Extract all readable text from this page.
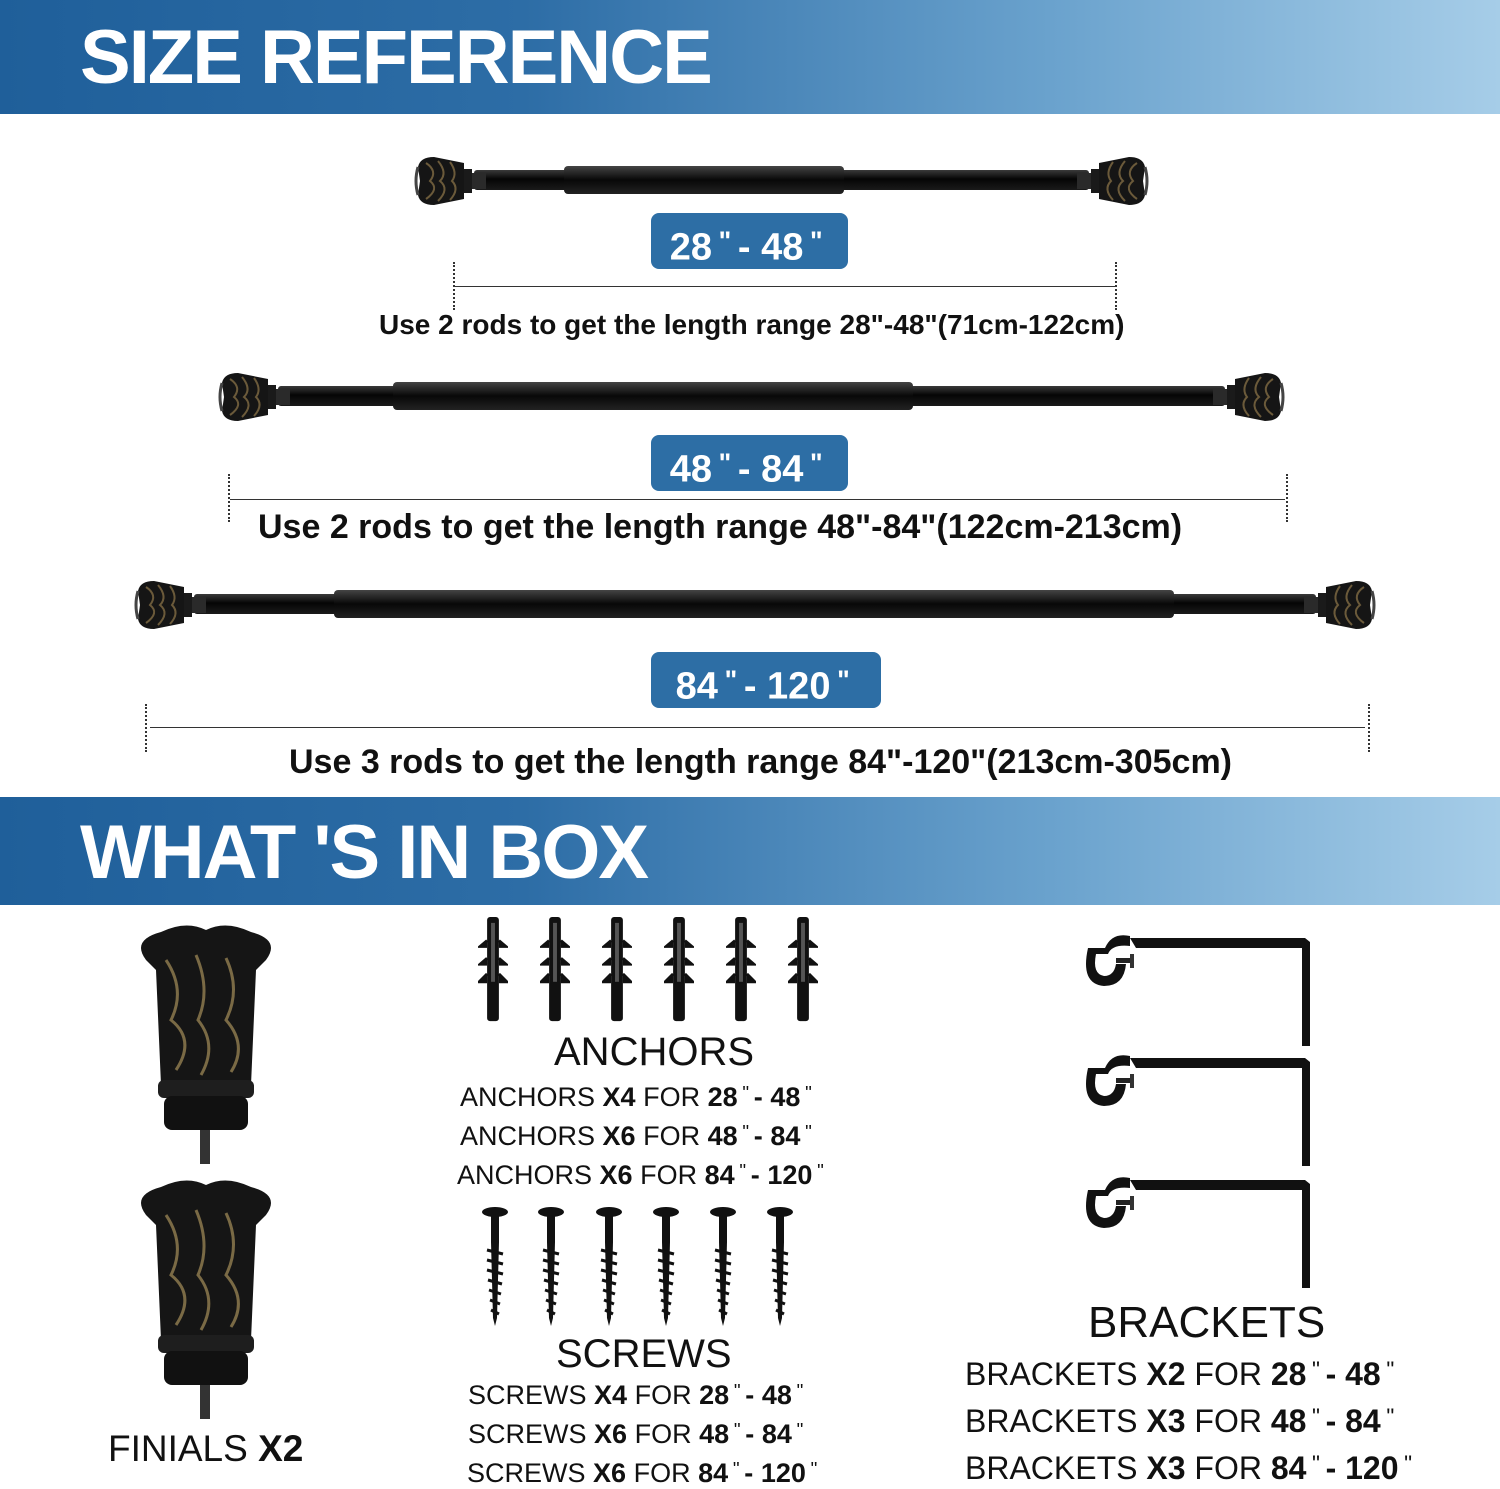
SIZE REFERENCE
28 " - 48 "
Use 2 rods to get the length range 28"-48"(71cm-122cm)
48 " - 84 "
Use 2 rods to get the length range 48"-84"(122cm-213cm)
84 " - 120 "
Use 3 rods to get the length range 84"-120"(213cm-305cm)
WHAT 'S IN BOX
FINIALS X2
ANCHORS
ANCHORS X4 FOR 28 " - 48 "
ANCHORS X6 FOR 48 " - 84 "
ANCHORS X6 FOR 84 " - 120 "
SCREWS
SCREWS X4 FOR 28 " - 48 "
SCREWS X6 FOR 48 " - 84 "
SCREWS X6 FOR 84 " - 120 "
BRACKETS
BRACKETS X2 FOR 28 " - 48 "
BRACKETS X3 FOR 48 " - 84 "
BRACKETS X3 FOR 84 " - 120 "
